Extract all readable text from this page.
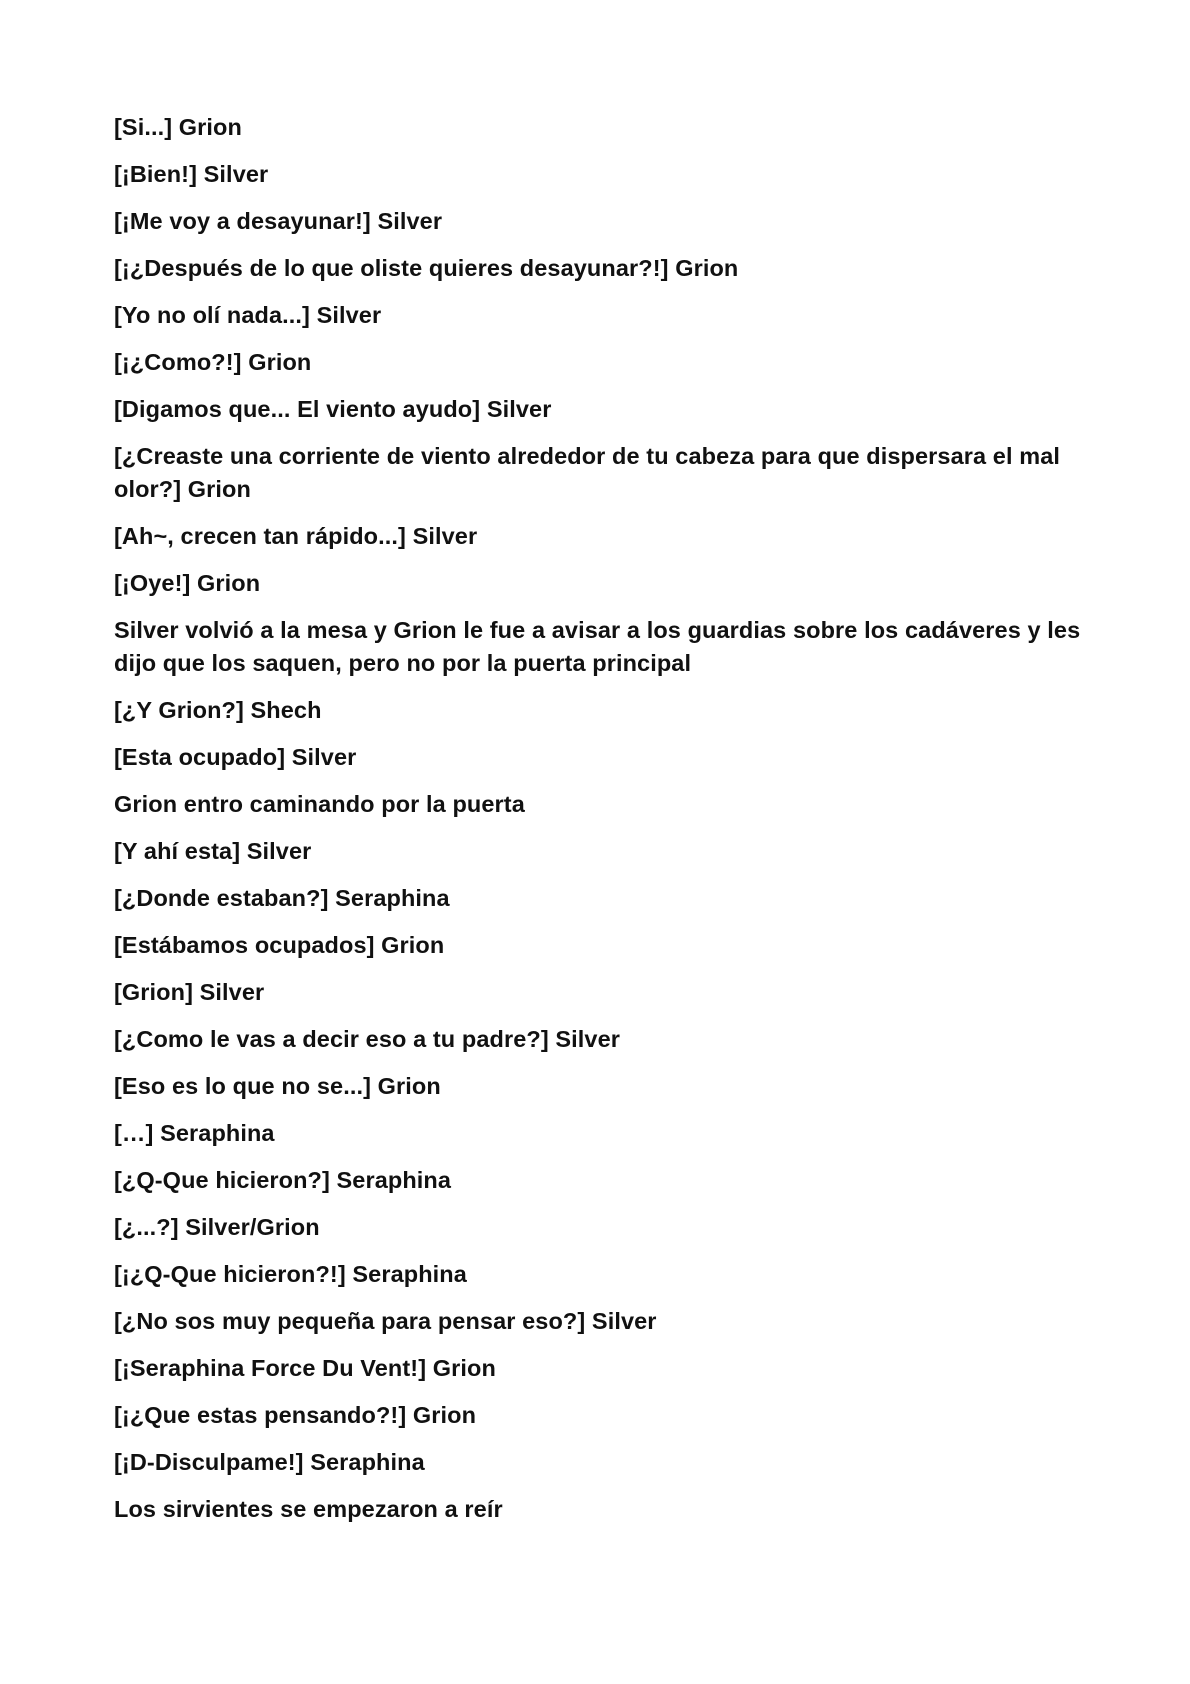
[Si...] Grion

[¡Bien!] Silver

[¡Me voy a desayunar!] Silver

[¡¿Después de lo que oliste quieres desayunar?!] Grion

[Yo no olí nada...] Silver

[¡¿Como?!] Grion

[Digamos que... El viento ayudo] Silver

[¿Creaste una corriente de viento alrededor de tu cabeza para que dispersara el mal olor?] Grion

[Ah~, crecen tan rápido...] Silver

[¡Oye!] Grion

Silver volvió a la mesa y Grion le fue a avisar a los guardias sobre los cadáveres y les dijo que los saquen, pero no por la puerta principal

[¿Y Grion?] Shech

[Esta ocupado] Silver

Grion entro caminando por la puerta

[Y ahí esta] Silver

[¿Donde estaban?] Seraphina

[Estábamos ocupados] Grion

[Grion] Silver

[¿Como le vas a decir eso a tu padre?] Silver

[Eso es lo que no se...] Grion

[…] Seraphina

[¿Q-Que hicieron?] Seraphina

[¿...?] Silver/Grion

[¡¿Q-Que hicieron?!] Seraphina

[¿No sos muy pequeña para pensar eso?] Silver

[¡Seraphina Force Du Vent!] Grion

[¡¿Que estas pensando?!] Grion

[¡D-Disculpame!] Seraphina

Los sirvientes se empezaron a reír
